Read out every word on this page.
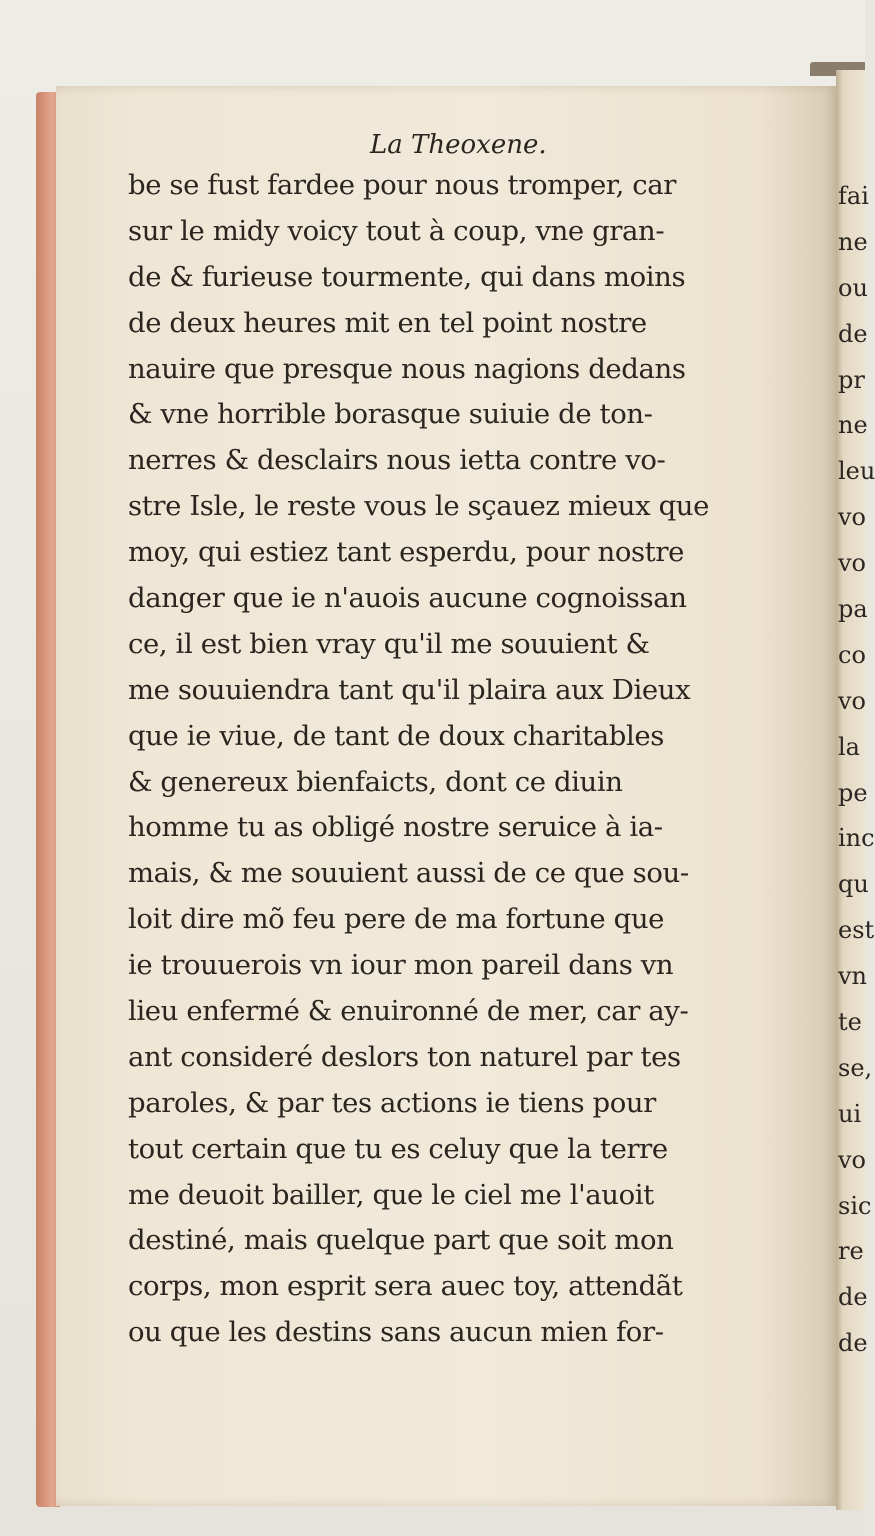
La Theoxene.
be se fust fardee pour nous tromper, car
sur le midy voicy tout à coup, vne gran-
de & furieuse tourmente, qui dans moins
de deux heures mit en tel point nostre
nauire que presque nous nagions dedans
& vne horrible borasque suiuie de ton-
nerres & desclairs nous ietta contre vo-
stre Isle, le reste vous le sçauez mieux que
moy, qui estiez tant esperdu, pour nostre
danger que ie n'auois aucune cognoissan
ce, il est bien vray qu'il me souuient &
me souuiendra tant qu'il plaira aux Dieux
que ie viue, de tant de doux charitables
& genereux bienfaicts, dont ce diuin
homme tu as obligé nostre seruice à ia-
mais, & me souuient aussi de ce que sou-
loit dire mõ feu pere de ma fortune que
ie trouuerois vn iour mon pareil dans vn
lieu enfermé & enuironné de mer, car ay-
ant consideré deslors ton naturel par tes
paroles, & par tes actions ie tiens pour
tout certain que tu es celuy que la terre
me deuoit bailler, que le ciel me l'auoit
destiné, mais quelque part que soit mon
corps, mon esprit sera auec toy, attendãt
ou que les destins sans aucun mien for-
fai
ne
ou
de
pr
ne
leu
vo
vo
pa
co
vo
la
pe
inc
qu
est
vn
te
se,
ui
vo
sic
re
de
de
